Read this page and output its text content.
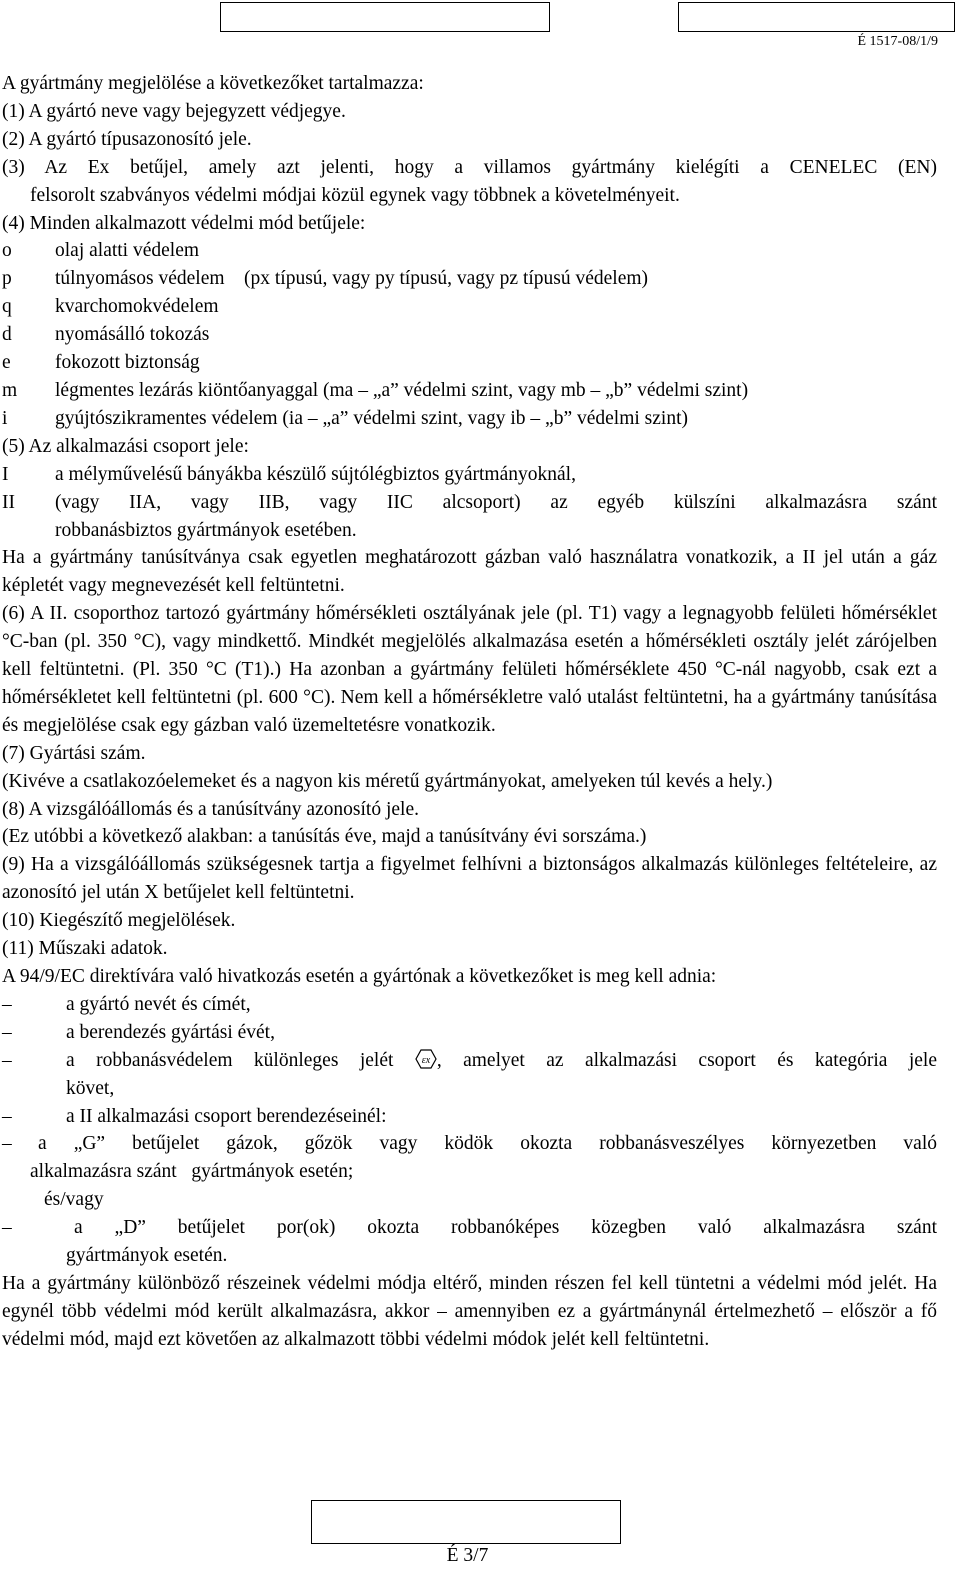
É 1517-08/1/9

A gyártmány megjelölése a következőket tartalmazza:

(1) A gyártó neve vagy bejegyzett védjegye.

(2) A gyártó típusazonosító jele.

(3) Az Ex betűjel, amely azt jelenti, hogy a villamos gyártmány kielégíti a CENELEC (EN)

felsorolt szabványos védelmi módjai közül egynek vagy többnek a követelményeit.

(4) Minden alkalmazott védelmi mód betűjele:

o	olaj alatti védelem
p	túlnyomásos védelem    (px típusú, vagy py típusú, vagy pz típusú védelem)
q	kvarchomokvédelem
d	nyomásálló tokozás
e	fokozott biztonság
m	légmentes lezárás kiöntőanyaggal (ma – „a” védelmi szint, vagy mb – „b” védelmi szint)
i	gyújtószikramentes védelem (ia – „a” védelmi szint, vagy ib – „b” védelmi szint)

(5) Az alkalmazási csoport jele:

I	a mélyművelésű bányákba készülő sújtólégbiztos gyártmányoknál,
II	(vagy IIA, vagy IIB, vagy IIC alcsoport) az egyéb külszíni alkalmazásra szánt
robbanásbiztos gyártmányok esetében.

Ha a gyártmány tanúsítványa csak egyetlen meghatározott gázban való használatra vonatkozik, a II jel után a gáz képletét vagy megnevezését kell feltüntetni.

(6) A II. csoporthoz tartozó gyártmány hőmérsékleti osztályának jele (pl. T1) vagy a legnagyobb felületi hőmérséklet °C-ban (pl. 350 °C), vagy mindkettő. Mindkét megjelölés alkalmazása esetén a hőmérsékleti osztály jelét zárójelben kell feltüntetni. (Pl. 350 °C (T1).) Ha azonban a gyártmány felületi hőmérséklete 450 °C-nál nagyobb, csak ezt a hőmérsékletet kell feltüntetni (pl. 600 °C). Nem kell a hőmérsékletre való utalást feltüntetni, ha a gyártmány tanúsítása és megjelölése csak egy gázban való üzemeltetésre vonatkozik.

(7) Gyártási szám.

(Kivéve a csatlakozóelemeket és a nagyon kis méretű gyártmányokat, amelyeken túl kevés a hely.)

(8) A vizsgálóállomás és a tanúsítvány azonosító jele.

(Ez utóbbi a következő alakban: a tanúsítás éve, majd a tanúsítvány évi sorszáma.)

(9) Ha a vizsgálóállomás szükségesnek tartja a figyelmet felhívni a biztonságos alkalmazás különleges feltételeire, az azonosító jel után X betűjelet kell feltüntetni.

(10) Kiegészítő megjelölések.

(11) Műszaki adatok.

A 94/9/EC direktívára való hivatkozás esetén a gyártónak a következőket is meg kell adnia:

–	a gyártó nevét és címét,
–	a berendezés gyártási évét,
–	a robbanásvédelem különleges jelét	εx , amelyet az alkalmazási csoport és kategória jele
követ,
–	a II alkalmazási csoport berendezéseinél:
–	a „G” betűjelet gázok, gőzök vagy ködök okozta robbanásveszélyes környezetben való
alkalmazásra szánt   gyártmányok esetén;
és/vagy
–	a „D” betűjelet por(ok) okozta robbanóképes közegben való alkalmazásra szánt
gyártmányok esetén.

Ha a gyártmány különböző részeinek védelmi módja eltérő, minden részen fel kell tüntetni a védelmi mód jelét. Ha egynél több védelmi mód került alkalmazásra, akkor – amennyiben ez a gyártmánynál értelmezhető – először a fő védelmi mód, majd ezt követően az alkalmazott többi védelmi módok jelét kell feltüntetni.

É 3/7
